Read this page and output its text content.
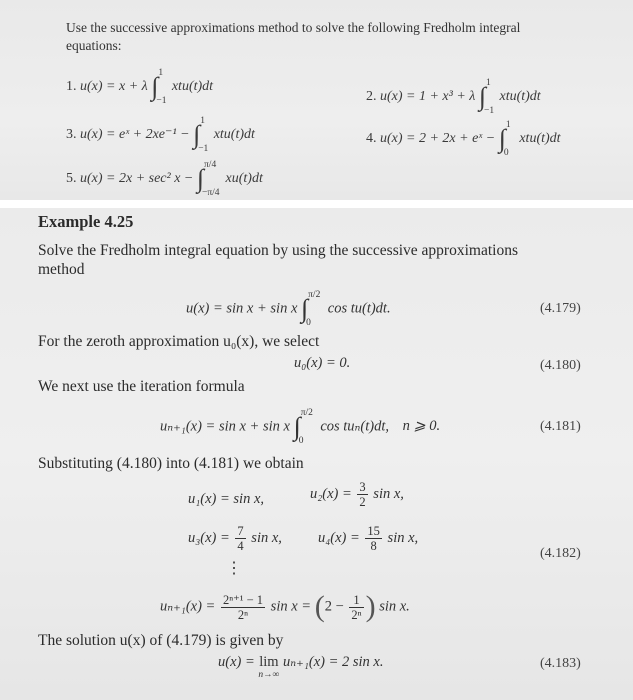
Use the successive approximations method to solve the following Fredholm integral
equations:
1. u(x) = x + λ ∫ 1
−1
xtu(t)dt
2. u(x) = 1 + x³ + λ ∫ 1
−1
xtu(t)dt
3. u(x) = eˣ + 2xe⁻¹ − ∫ 1
−1
xtu(t)dt	4. u(x) = 2 + 2x + eˣ − ∫ 1
0
xtu(t)dt
5. u(x) = 2x + sec² x − ∫ π/4
−π/4
xu(t)dt
Example 4.25
Solve the Fredholm integral equation by using the successive approximations
method
u(x) = sin x + sin x ∫ π/2
0
cos tu(t)dt.	(4.179)
For the zeroth approximation u₀(x), we select
u₀(x) = 0.	(4.180)
We next use the iteration formula
uₙ₊₁(x) = sin x + sin x ∫ π/2
0
cos tuₙ(t)dt, n ⩾ 0.	(4.181)
Substituting (4.180) into (4.181) we obtain
u₁(x) = sin x,	$u_2(x) = \frac{3}{2}$ sin x,
$u_3(x) = \frac{7}{4}$ sin x, $u_4(x) = \frac{15}{8}$ sin x,
(4.182)
⋮
$u_{n+1}(x) = \frac{\text{2ⁿ⁺¹ − 1}}{\text{2ⁿ}}$ $\sin x = (2 - \frac{1}{\text{2ⁿ}}$ ) sin x.
The solution u(x) of (4.179) is given by
u(x) = lim
n→∞
uₙ₊₁(x) = 2 sin x.	(4.183)
